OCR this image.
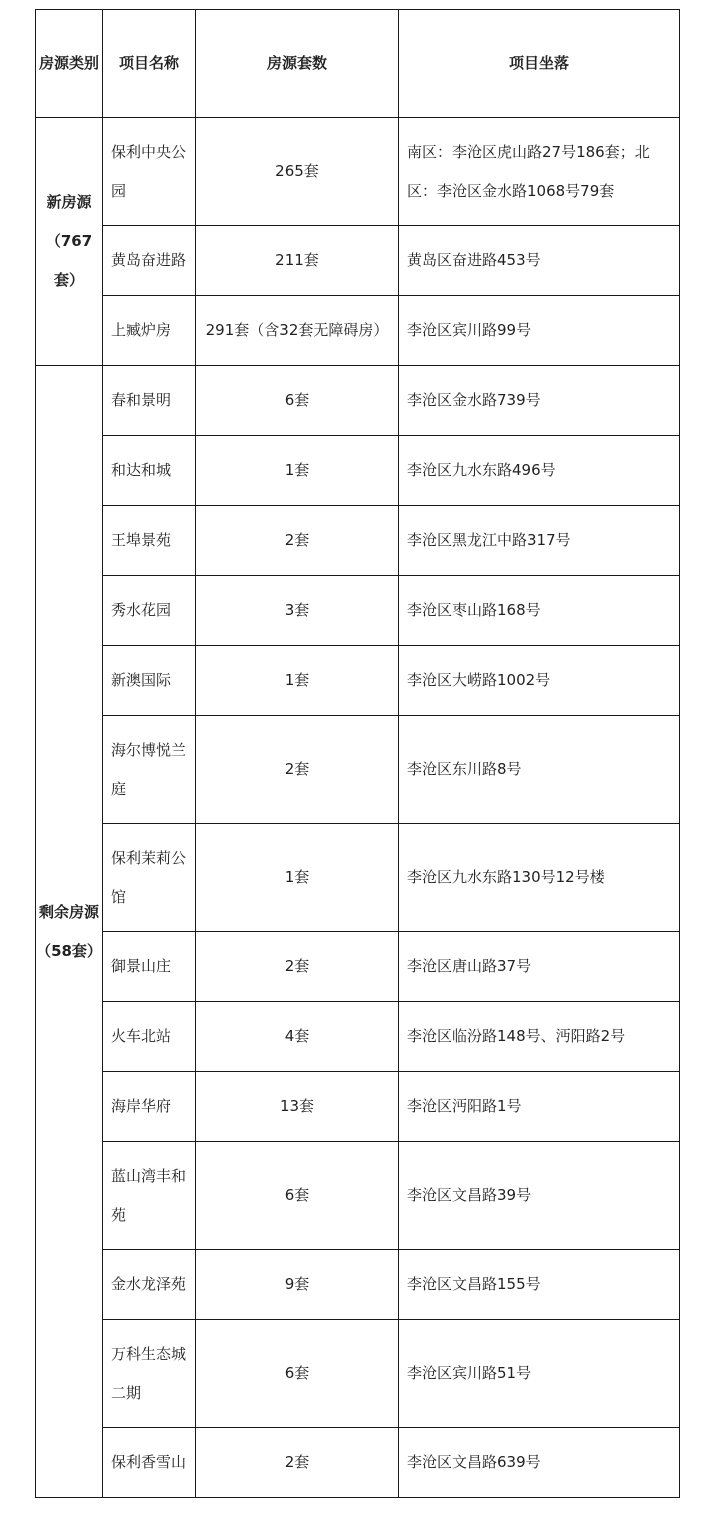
房源类别	项目名称	房源套数	项目坐落
新房源（767套）	保利中央公园	265套	南区：李沧区虎山路27号186套；北区：李沧区金水路1068号79套
	黄岛奋进路	211套	黄岛区奋进路453号
	上臧炉房	291套（含32套无障碍房）	李沧区宾川路99号
剩余房源（58套）	春和景明	6套	李沧区金水路739号
	和达和城	1套	李沧区九水东路496号
	王埠景苑	2套	李沧区黑龙江中路317号
	秀水花园	3套	李沧区枣山路168号
	新澳国际	1套	李沧区大崂路1002号
	海尔博悦兰庭	2套	李沧区东川路8号
	保利茉莉公馆	1套	李沧区九水东路130号12号楼
	御景山庄	2套	李沧区唐山路37号
	火车北站	4套	李沧区临汾路148号、沔阳路2号
	海岸华府	13套	李沧区沔阳路1号
	蓝山湾丰和苑	6套	李沧区文昌路39号
	金水龙泽苑	9套	李沧区文昌路155号
	万科生态城二期	6套	李沧区宾川路51号
	保利香雪山	2套	李沧区文昌路639号
